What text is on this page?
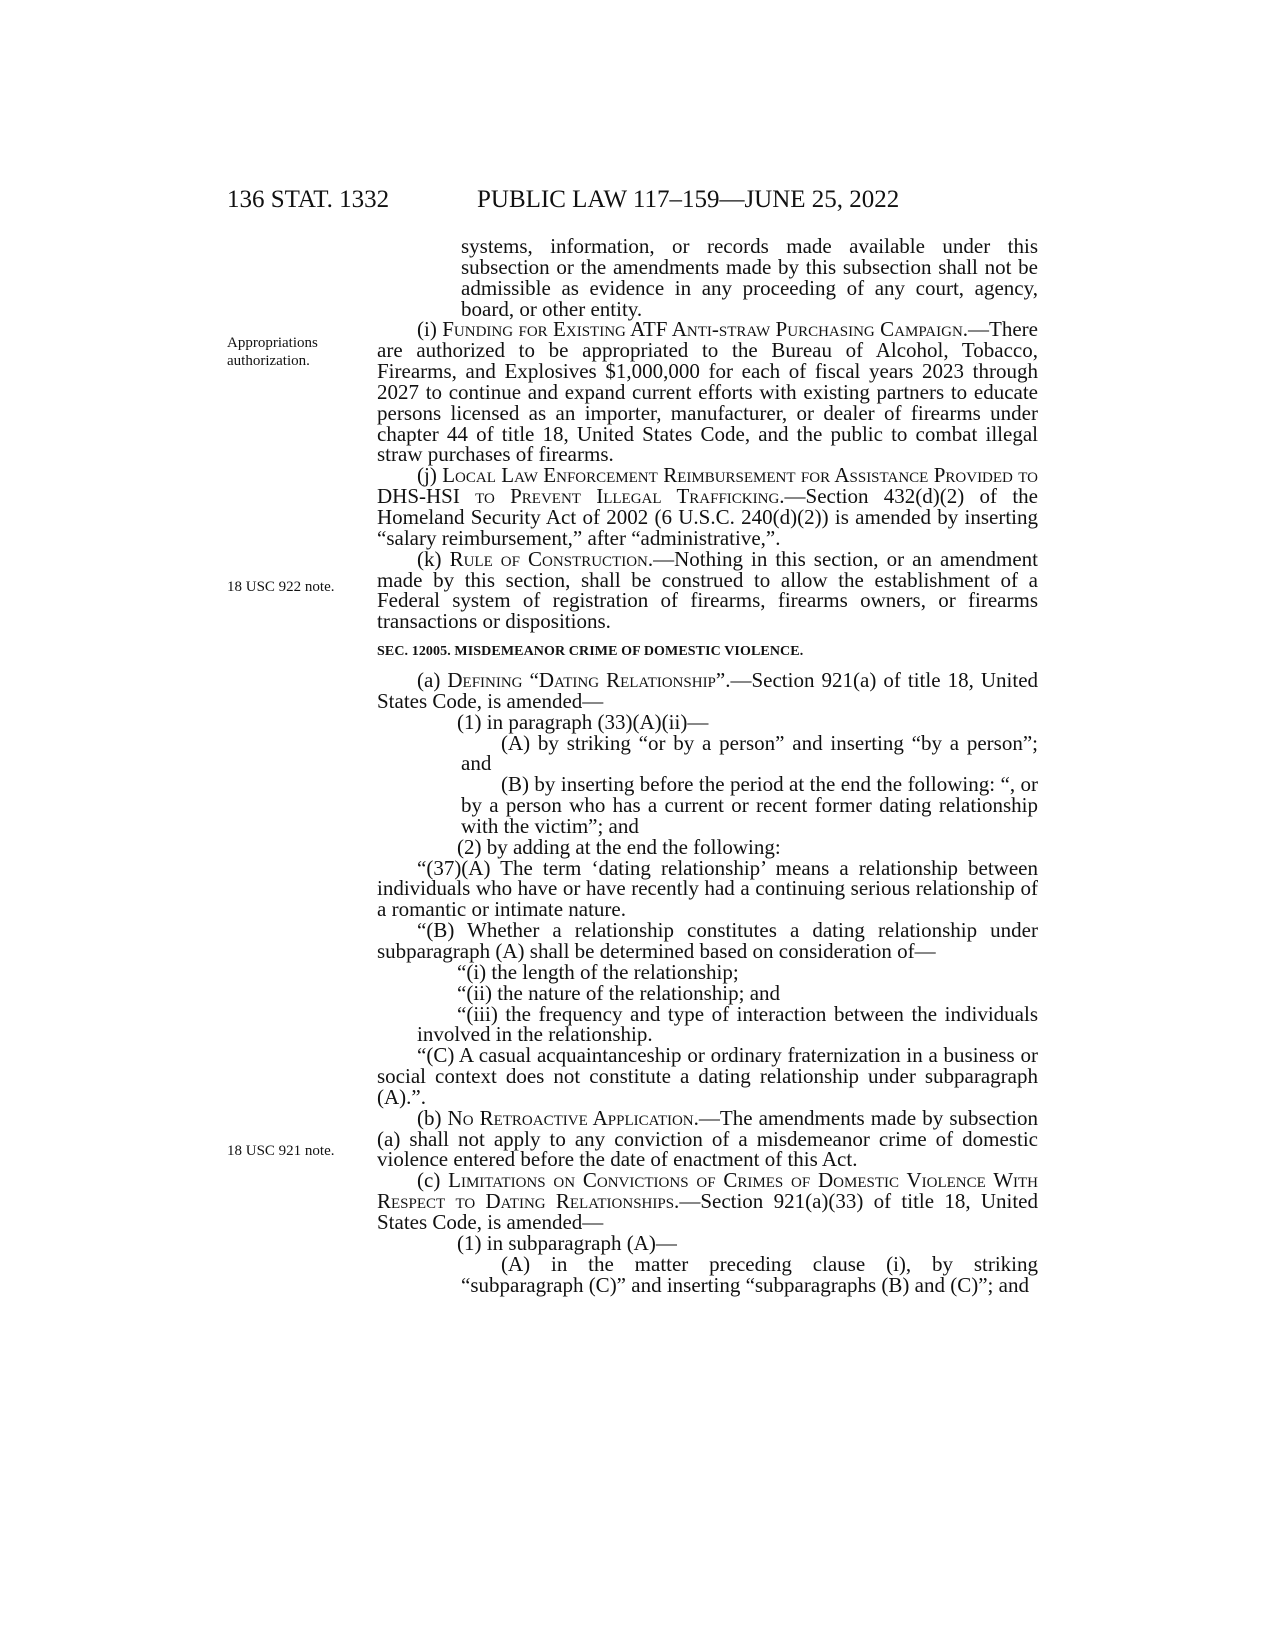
136 STAT. 1332	PUBLIC LAW 117–159—JUNE 25, 2022
Appropriations
authorization.
18 USC 922 note.
18 USC 921 note.

systems, information, or records made available under this subsection or the amendments made by this subsection shall not be admissible as evidence in any proceeding of any court, agency, board, or other entity.

(i) Funding for Existing ATF Anti-straw Purchasing Campaign.—There are authorized to be appropriated to the Bureau of Alcohol, Tobacco, Firearms, and Explosives $1,000,000 for each of fiscal years 2023 through 2027 to continue and expand current efforts with existing partners to educate persons licensed as an importer, manufacturer, or dealer of firearms under chapter 44 of title 18, United States Code, and the public to combat illegal straw purchases of firearms.

(j) Local Law Enforcement Reimbursement for Assistance Provided to DHS-HSI to Prevent Illegal Trafficking.—Section 432(d)(2) of the Homeland Security Act of 2002 (6 U.S.C. 240(d)(2)) is amended by inserting “salary reimbursement,” after “administrative,”.

(k) Rule of Construction.—Nothing in this section, or an amendment made by this section, shall be construed to allow the establishment of a Federal system of registration of firearms, firearms owners, or firearms transactions or dispositions.

SEC. 12005. MISDEMEANOR CRIME OF DOMESTIC VIOLENCE.

(a) Defining “Dating Relationship”.—Section 921(a) of title 18, United States Code, is amended—

(1) in paragraph (33)(A)(ii)—

(A) by striking “or by a person” and inserting “by a person”; and

(B) by inserting before the period at the end the following: “, or by a person who has a current or recent former dating relationship with the victim”; and

(2) by adding at the end the following:

“(37)(A) The term ‘dating relationship’ means a relationship between individuals who have or have recently had a continuing serious relationship of a romantic or intimate nature.

“(B) Whether a relationship constitutes a dating relationship under subparagraph (A) shall be determined based on consideration of—

“(i) the length of the relationship;

“(ii) the nature of the relationship; and

“(iii) the frequency and type of interaction between the individuals involved in the relationship.

“(C) A casual acquaintanceship or ordinary fraternization in a business or social context does not constitute a dating relationship under subparagraph (A).”.

(b) No Retroactive Application.—The amendments made by subsection (a) shall not apply to any conviction of a misdemeanor crime of domestic violence entered before the date of enactment of this Act.

(c) Limitations on Convictions of Crimes of Domestic Violence With Respect to Dating Relationships.—Section 921(a)(33) of title 18, United States Code, is amended—

(1) in subparagraph (A)—

(A) in the matter preceding clause (i), by striking “subparagraph (C)” and inserting “subparagraphs (B) and (C)”; and
